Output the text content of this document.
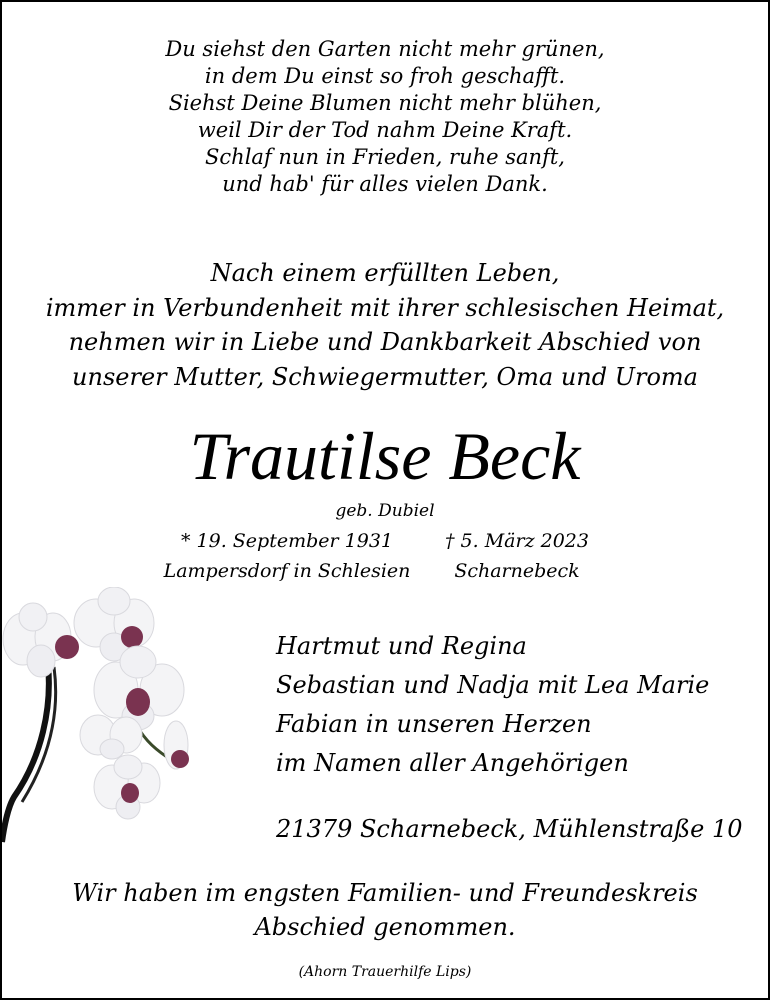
Du siehst den Garten nicht mehr grünen,
in dem Du einst so froh geschafft.
Siehst Deine Blumen nicht mehr blühen,
weil Dir der Tod nahm Deine Kraft.
Schlaf nun in Frieden, ruhe sanft,
und hab' für alles vielen Dank.
Nach einem erfüllten Leben,
immer in Verbundenheit mit ihrer schlesischen Heimat,
nehmen wir in Liebe und Dankbarkeit Abschied von
unserer Mutter, Schwiegermutter, Oma und Uroma
Trautilse Beck
geb. Dubiel
* 19. September 1931
Lampersdorf in Schlesien
† 5. März 2023
Scharnebeck
Hartmut und Regina
Sebastian und Nadja mit Lea Marie
Fabian in unseren Herzen
im Namen aller Angehörigen
21379 Scharnebeck, Mühlenstraße 10
Wir haben im engsten Familien- und Freundeskreis
Abschied genommen.
(Ahorn Trauerhilfe Lips)
